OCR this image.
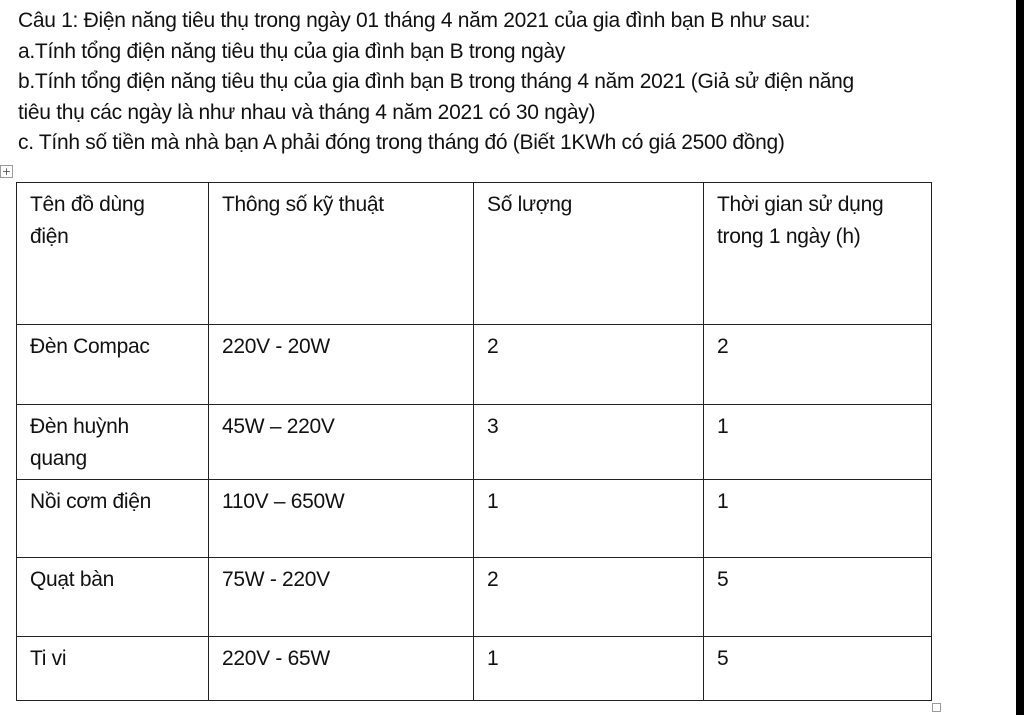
Câu 1: Điện năng tiêu thụ trong ngày 01 tháng 4 năm 2021 của gia đình bạn B như sau:

a.Tính tổng điện năng tiêu thụ của gia đình bạn B trong ngày

b.Tính tổng điện năng tiêu thụ của gia đình bạn B trong tháng 4 năm 2021 (Giả sử điện năng

tiêu thụ các ngày là như nhau và tháng 4 năm 2021 có 30 ngày)

c. Tính số tiền mà nhà bạn A phải đóng trong tháng đó (Biết 1KWh có giá 2500 đồng)

+
Tên đồ dùng
điện	Thông số kỹ thuật	Số lượng	Thời gian sử dụng
trong 1 ngày (h)
Đèn Compac	220V - 20W	2	2
Đèn huỳnh
quang	45W – 220V	3	1
Nồi cơm điện	110V – 650W	1	1
Quạt bàn	75W - 220V	2	5
Ti vi	220V - 65W	1	5
